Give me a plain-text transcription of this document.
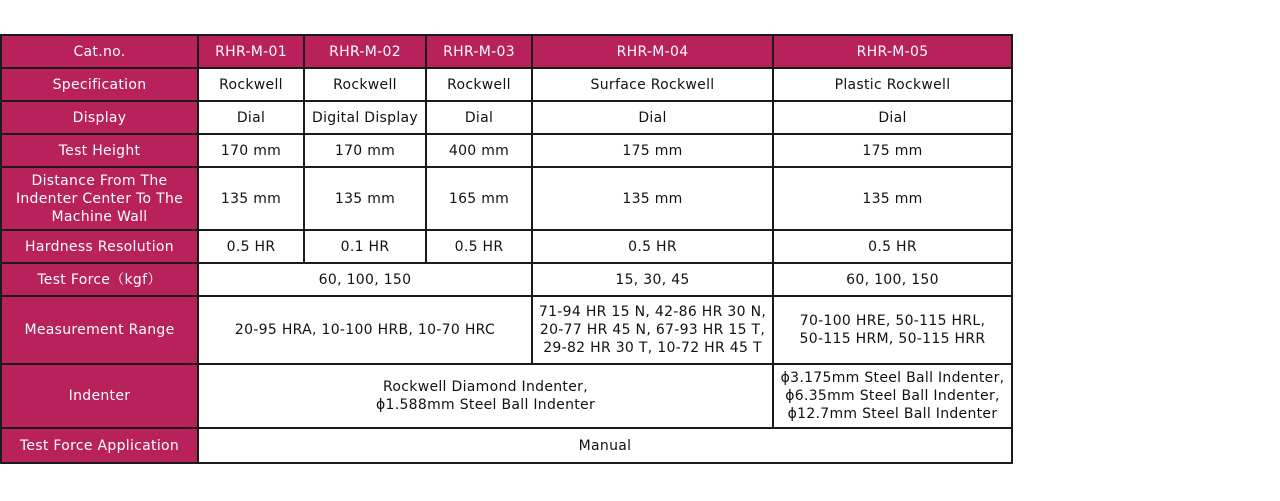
Cat.no.	RHR-M-01	RHR-M-02	RHR-M-03	RHR-M-04	RHR-M-05
Specification	Rockwell	Rockwell	Rockwell	Surface Rockwell	Plastic Rockwell
Display	Dial	Digital Display	Dial	Dial	Dial
Test Height	170 mm	170 mm	400 mm	175 mm	175 mm

Distance From The
Indenter Center To The
Machine Wall	135 mm	135 mm	165 mm	135 mm	135 mm
Hardness Resolution	0.5 HR	0.1 HR	0.5 HR	0.5 HR	0.5 HR
Test Force（kgf）	60, 100, 150			15, 30, 45	60, 100, 150
Measurement Range	20-95 HRA, 10-100 HRB, 10-70 HRC			71-94 HR 15 N, 42-86 HR 30 N,
20-77 HR 45 N, 67-93 HR 15 T,
29-82 HR 30 T, 10-72 HR 45 T	70-100 HRE, 50-115 HRL,
50-115 HRM, 50-115 HRR

Indenter	Rockwell Diamond Indenter,
ϕ1.588mm Steel Ball Indenter				ϕ3.175mm Steel Ball Indenter,
ϕ6.35mm Steel Ball Indenter,
ϕ12.7mm Steel Ball Indenter

Test Force Application	Manual				
